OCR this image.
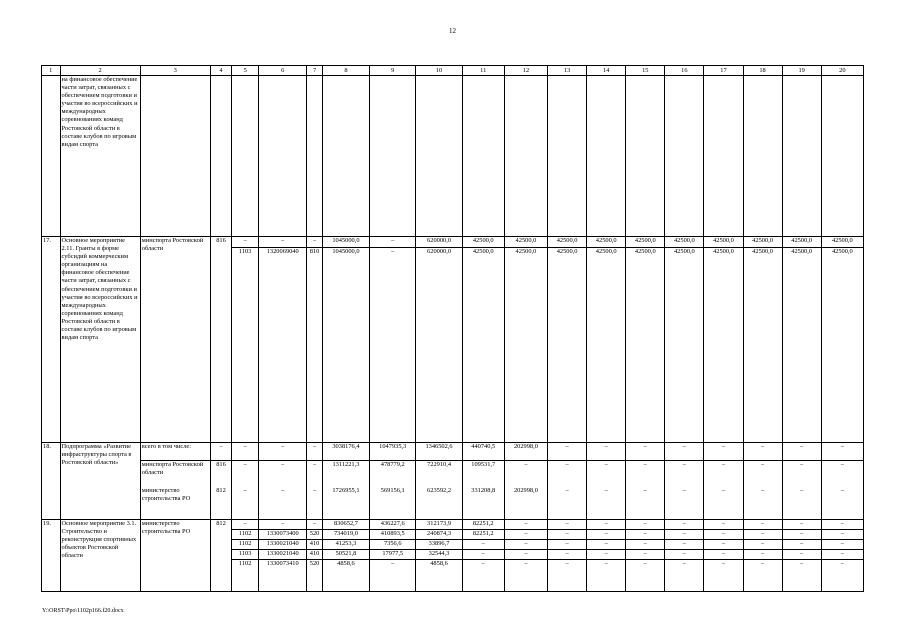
12
1	2	3	4	5	6	7	8	9	10	11	12	13	14	15	16	17	18	19	20
	на финансовое обеспечение части затрат, связанных с обеспечением подготовки и участия во всероссийских и международных соревнованиях команд Ростовской области в составе клубов по игровым видам спорта																		
17.	Основное мероприятие 2.11. Гранты в форме субсидий коммерческим организациям на финансовое обеспечение части затрат, связанных с обеспечением подготовки и участия во всероссийских и международных соревнованиях команд Ростовской области в составе клубов по игровым видам спорта	минспорта Ростовской области	816	–	–	–	1045000,0	–	620000,0	42500,0	42500,0	42500,0	42500,0	42500,0	42500,0	42500,0	42500,0	42500,0	42500,0
				1103	1320069040	810	1045000,0	–	620000,0	42500,0	42500,0	42500,0	42500,0	42500,0	42500,0	42500,0	42500,0	42500,0	42500,0
18.	Подпрограмма «Развитие инфраструктуры спорта в Ростовской области»	всего в том числе:	–	–	–	–	3038176,4	1047935,3	1346502,6	440740,5	202998,0	–	–	–	–	–	–	–	–
		минспорта Ростовской области	816	–	–	–	1311221,3	478779,2	722910,4	109531,7	–	–	–	–	–	–	–	–	–
		министерство строительства РО	812	–	–	–	1726955,1	569156,1	623592,2	331208,8	202998,0	–	–	–	–	–	–	–	–
19.	Основное мероприятие 3.1. Строительство и реконструкция спортивных объектов Ростовской области	министерство строительства РО	812	–	–	–	830652,7	436227,6	312173,9	82251,2	–	–	–	–	–	–	–	–	–
				1102	1330073400	520	734019,0	410893,5	240874,3	82251,2	–	–	–	–	–	–	–	–	–
				1102	1330021040	410	41253,3	7356,6	33896,7	–	–	–	–	–	–	–	–	–	–
				1103	1330021040	410	50521,8	17977,5	32544,3	–	–	–	–	–	–	–	–	–	–
				1102	1330073410	520	4858,6	–	4858,6	–	–	–	–	–	–	–	–	–	–
Y:\ORST\Ppo\1102p166.f20.docx
